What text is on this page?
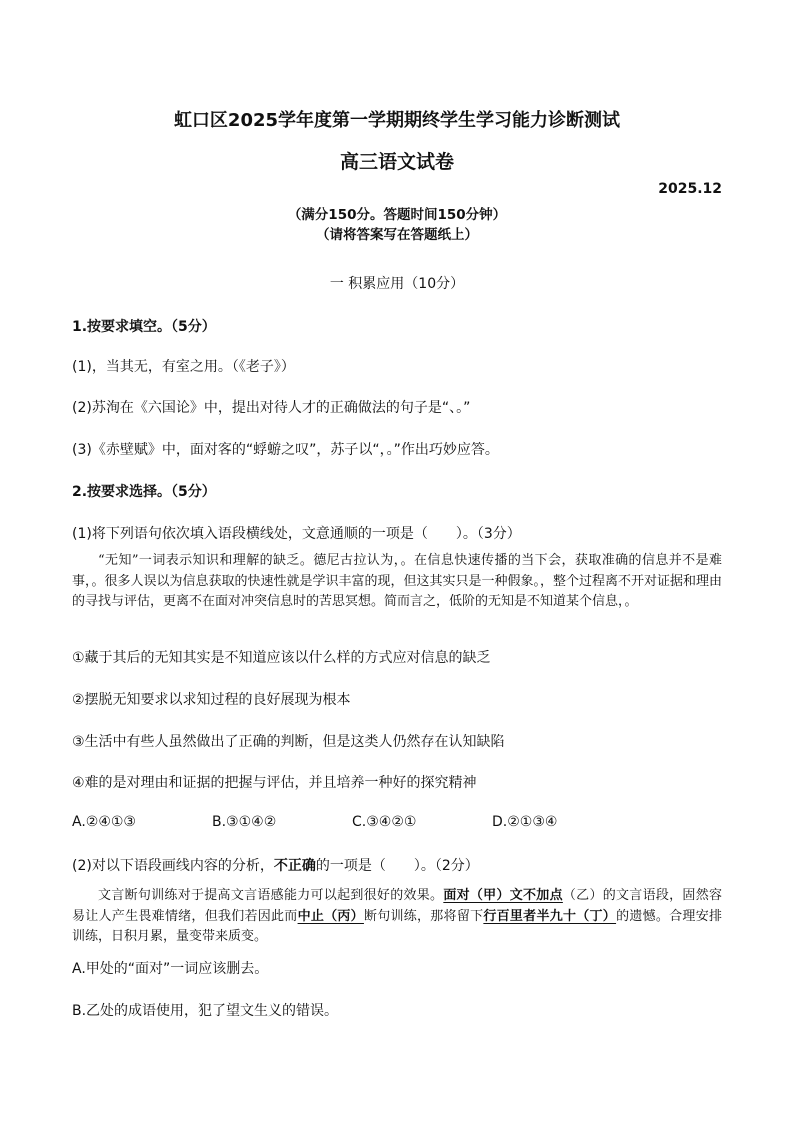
虹口区2025学年度第一学期期终学生学习能力诊断测试
高三语文试卷
2025.12
（满分150分。答题时间150分钟）
（请将答案写在答题纸上）
一 积累应用（10分）
1.按要求填空。（5分）
(1)，当其无，有室之用。（《老子》）
(2)苏洵在《六国论》中，提出对待人才的正确做法的句子是“、。”
(3)《赤壁赋》中，面对客的“蜉蝣之叹”，苏子以“，。”作出巧妙应答。
2.按要求选择。（5分）
(1)将下列语句依次填入语段横线处，文意通顺的一项是（　　）。（3分）

“无知”一词表示知识和理解的缺乏。德尼古拉认为，。在信息快速传播的当下会，获取准确的信息并不是难事，。很多人误以为信息获取的快速性就是学识丰富的现，但这其实只是一种假象。，整个过程离不开对证据和理由的寻找与评估，更离不在面对冲突信息时的苦思冥想。简而言之，低阶的无知是不知道某个信息，。

①藏于其后的无知其实是不知道应该以什么样的方式应对信息的缺乏
②摆脱无知要求以求知过程的良好展现为根本
③生活中有些人虽然做出了正确的判断，但是这类人仍然存在认知缺陷
④难的是对理由和证据的把握与评估，并且培养一种好的探究精神
A.②④①③	B.③①④②	C.③④②①	D.②①③④
(2)对以下语段画线内容的分析，不正确的一项是（　　）。（2分）

文言断句训练对于提高文言语感能力可以起到很好的效果。面对（甲）文不加点（乙）的文言语段，固然容易让人产生畏难情绪，但我们若因此而中止（丙）断句训练，那将留下行百里者半九十（丁）的遗憾。合理安排训练，日积月累，量变带来质变。

A.甲处的“面对”一词应该删去。
B.乙处的成语使用，犯了望文生义的错误。
